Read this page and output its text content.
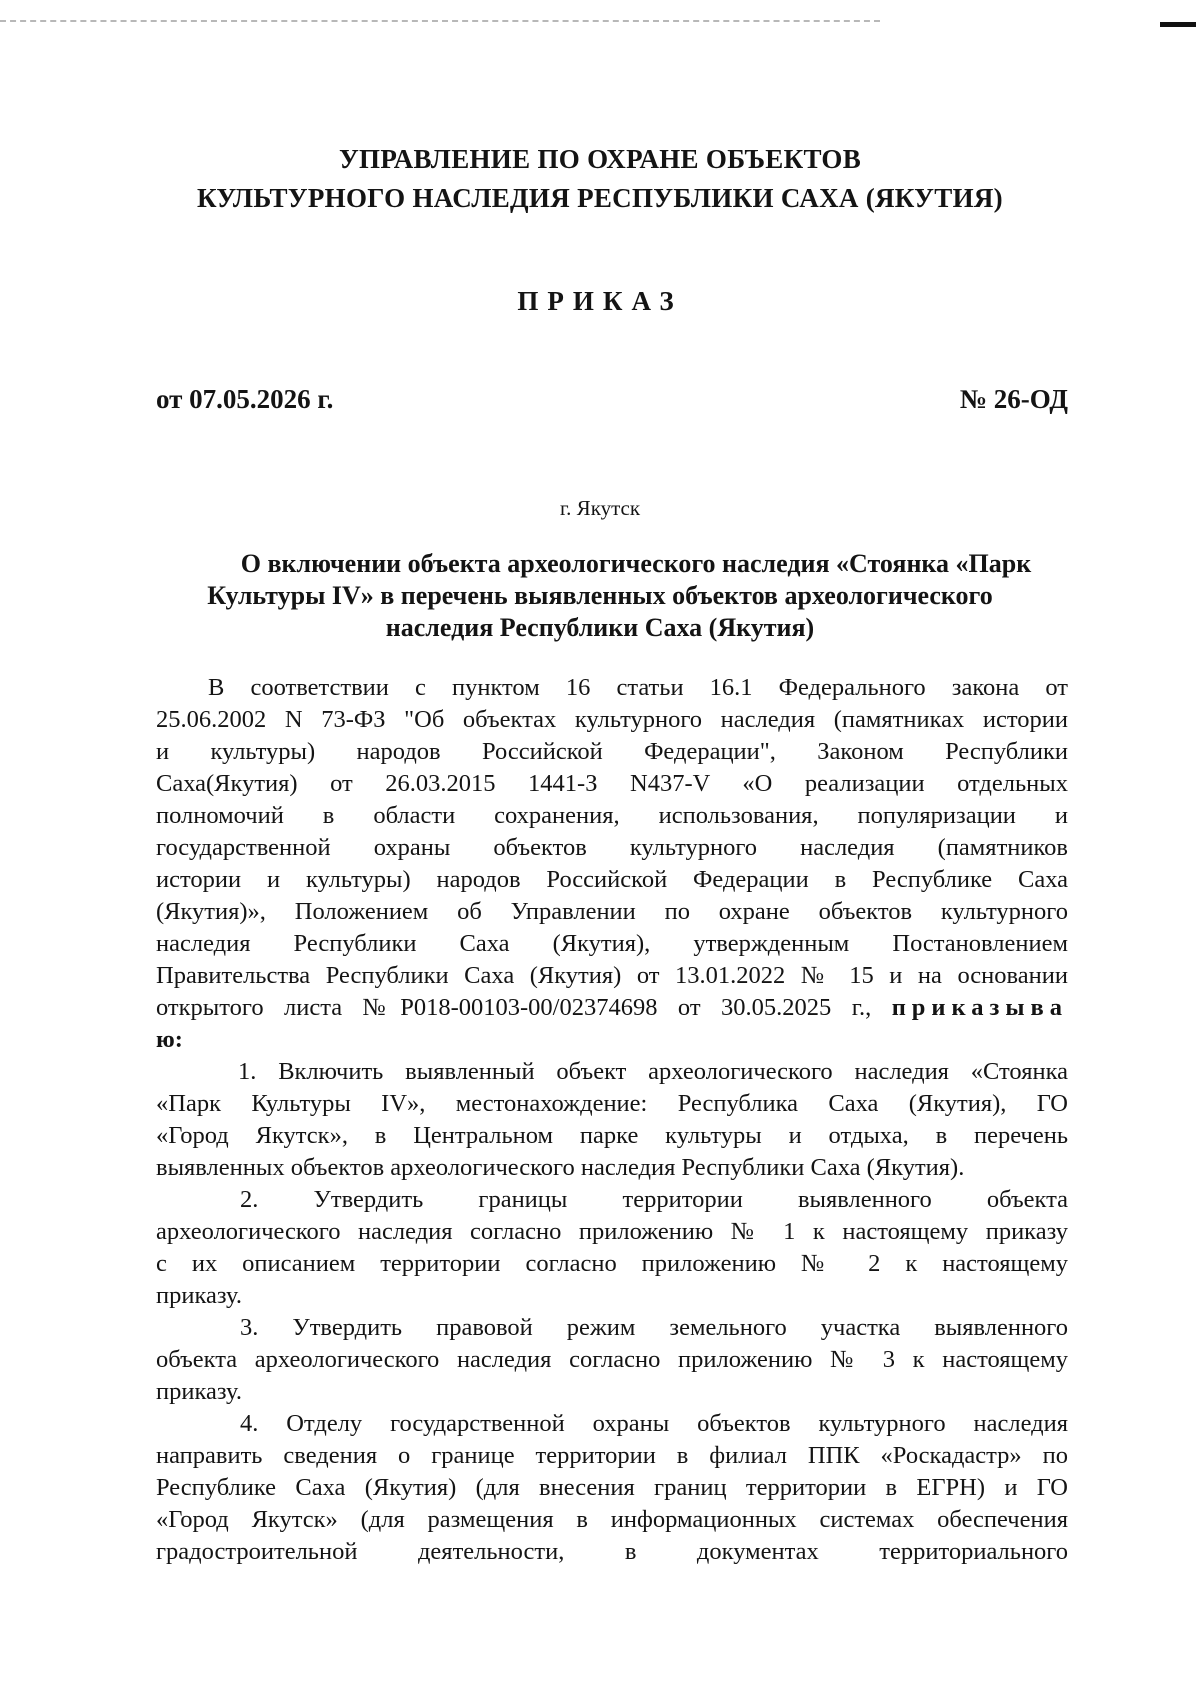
УПРАВЛЕНИЕ ПО ОХРАНЕ ОБЪЕКТОВ
КУЛЬТУРНОГО НАСЛЕДИЯ РЕСПУБЛИКИ САХА (ЯКУТИЯ)
ПРИКАЗ
от 07.05.2026 г.	№ 26-ОД
г. Якутск
О включении объекта археологического наследия «Стоянка «Парк
Культуры IV» в перечень выявленных объектов археологического
наследия Республики Саха (Якутия)

В соответствии с пунктом 16 статьи 16.1 Федерального закона от

25.06.2002 N 73-ФЗ "Об объектах культурного наследия (памятниках истории

и культуры) народов Российской Федерации", Законом Республики

Саха(Якутия) от 26.03.2015 1441-З N437-V «О реализации отдельных

полномочий в области сохранения, использования, популяризации и

государственной охраны объектов культурного наследия (памятников

истории и культуры) народов Российской Федерации в Республике Саха

(Якутия)», Положением об Управлении по охране объектов культурного

наследия Республики Саха (Якутия), утвержденным Постановлением

Правительства Республики Саха (Якутия) от 13.01.2022 № 15 и на основании

открытого листа №Р018-00103-00/02374698 от 30.05.2025 г., приказыва

ю:

1. Включить выявленный объект археологического наследия «Стоянка

«Парк Культуры IV», местонахождение: Республика Саха (Якутия), ГО

«Город Якутск», в Центральном парке культуры и отдыха, в перечень

выявленных объектов археологического наследия Республики Саха (Якутия).

2. Утвердить границы территории выявленного объекта

археологического наследия согласно приложению № 1 к настоящему приказу

с их описанием территории согласно приложению № 2 к настоящему

приказу.

3. Утвердить правовой режим земельного участка выявленного

объекта археологического наследия согласно приложению № 3 к настоящему

приказу.

4. Отделу государственной охраны объектов культурного наследия

направить сведения о границе территории в филиал ППК «Роскадастр» по

Республике Саха (Якутия) (для внесения границ территории в ЕГРН) и ГО

«Город Якутск» (для размещения в информационных системах обеспечения

градостроительной деятельности, в документах территориального
